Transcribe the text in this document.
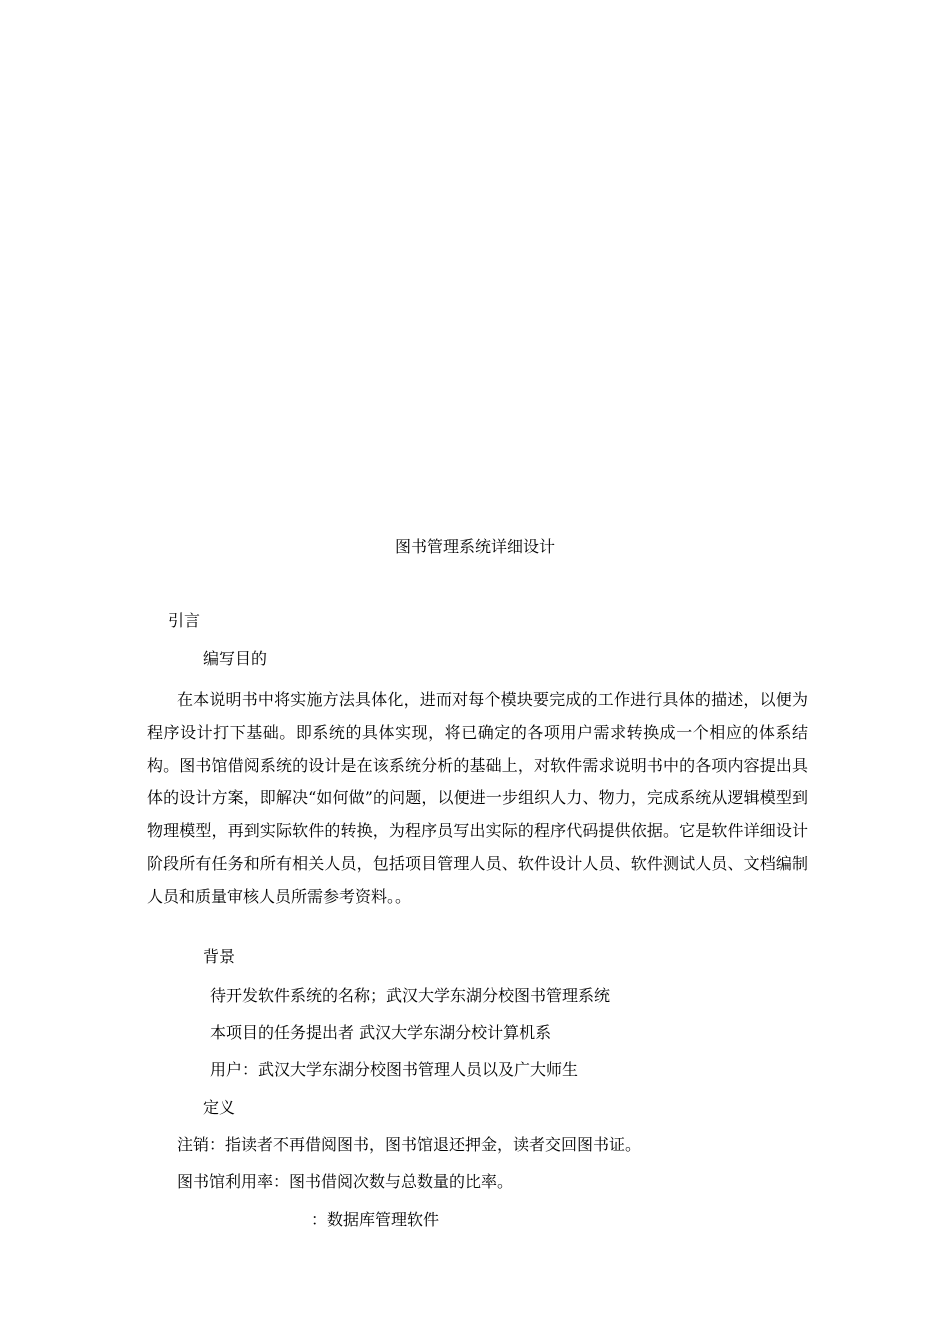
图书管理系统详细设计
引言
编写目的
在本说明书中将实施方法具体化，进而对每个模块要完成的工作进行具体的描述，以便为程序设计打下基础。即系统的具体实现，将已确定的各项用户需求转换成一个相应的体系结构。图书馆借阅系统的设计是在该系统分析的基础上，对软件需求说明书中的各项内容提出具体的设计方案，即解决“如何做”的问题，以便进一步组织人力、物力，完成系统从逻辑模型到物理模型，再到实际软件的转换，为程序员写出实际的程序代码提供依据。它是软件详细设计阶段所有任务和所有相关人员，包括项目管理人员、软件设计人员、软件测试人员、文档编制人员和质量审核人员所需参考资料。。
背景
待开发软件系统的名称；武汉大学东湖分校图书管理系统
本项目的任务提出者 武汉大学东湖分校计算机系
用户：武汉大学东湖分校图书管理人员以及广大师生
定义
注销：指读者不再借阅图书，图书馆退还押金，读者交回图书证。
图书馆利用率：图书借阅次数与总数量的比率。
：数据库管理软件
